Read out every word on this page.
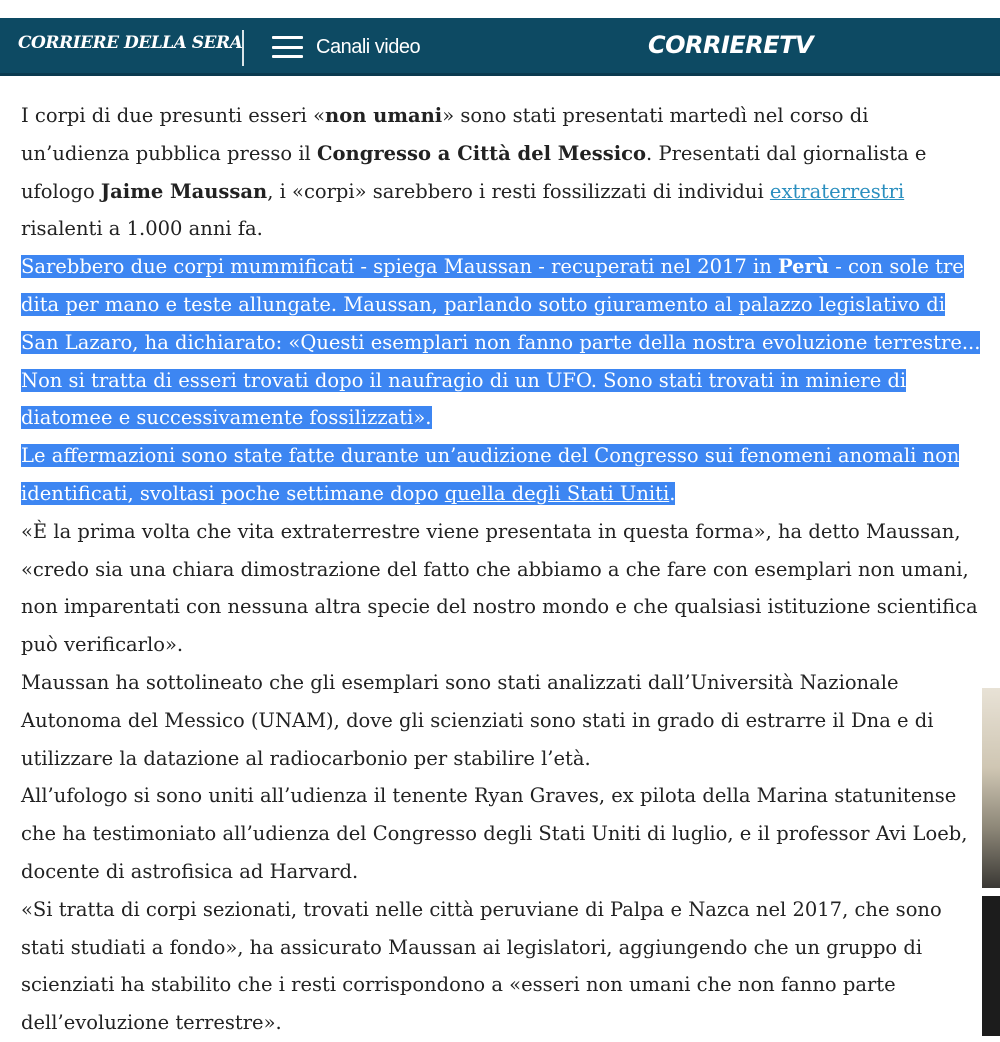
CORRIERE DELLA SERA	Canali video	CORRIERETV

I corpi di due presunti esseri «non umani» sono stati presentati martedì nel corso di un’udienza pubblica presso il Congresso a Città del Messico. Presentati dal giornalista e ufologo Jaime Maussan, i «corpi» sarebbero i resti fossilizzati di individui extraterrestri risalenti a 1.000 anni fa.

Sarebbero due corpi mummificati - spiega Maussan - recuperati nel 2017 in Perù - con sole tre dita per mano e teste allungate. Maussan, parlando sotto giuramento al palazzo legislativo di San Lazaro, ha dichiarato: «Questi esemplari non fanno parte della nostra evoluzione terrestre... Non si tratta di esseri trovati dopo il naufragio di un UFO. Sono stati trovati in miniere di diatomee e successivamente fossilizzati».

Le affermazioni sono state fatte durante un’audizione del Congresso sui fenomeni anomali non identificati, svoltasi poche settimane dopo quella degli Stati Uniti.

«È la prima volta che vita extraterrestre viene presentata in questa forma», ha detto Maussan, «credo sia una chiara dimostrazione del fatto che abbiamo a che fare con esemplari non umani, non imparentati con nessuna altra specie del nostro mondo e che qualsiasi istituzione scientifica può verificarlo».

Maussan ha sottolineato che gli esemplari sono stati analizzati dall’Università Nazionale Autonoma del Messico (UNAM), dove gli scienziati sono stati in grado di estrarre il Dna e di utilizzare la datazione al radiocarbonio per stabilire l’età.

All’ufologo si sono uniti all’udienza il tenente Ryan Graves, ex pilota della Marina statunitense che ha testimoniato all’udienza del Congresso degli Stati Uniti di luglio, e il professor Avi Loeb, docente di astrofisica ad Harvard.

«Si tratta di corpi sezionati, trovati nelle città peruviane di Palpa e Nazca nel 2017, che sono stati studiati a fondo», ha assicurato Maussan ai legislatori, aggiungendo che un gruppo di scienziati ha stabilito che i resti corrispondono a «esseri non umani che non fanno parte dell’evoluzione terrestre».
